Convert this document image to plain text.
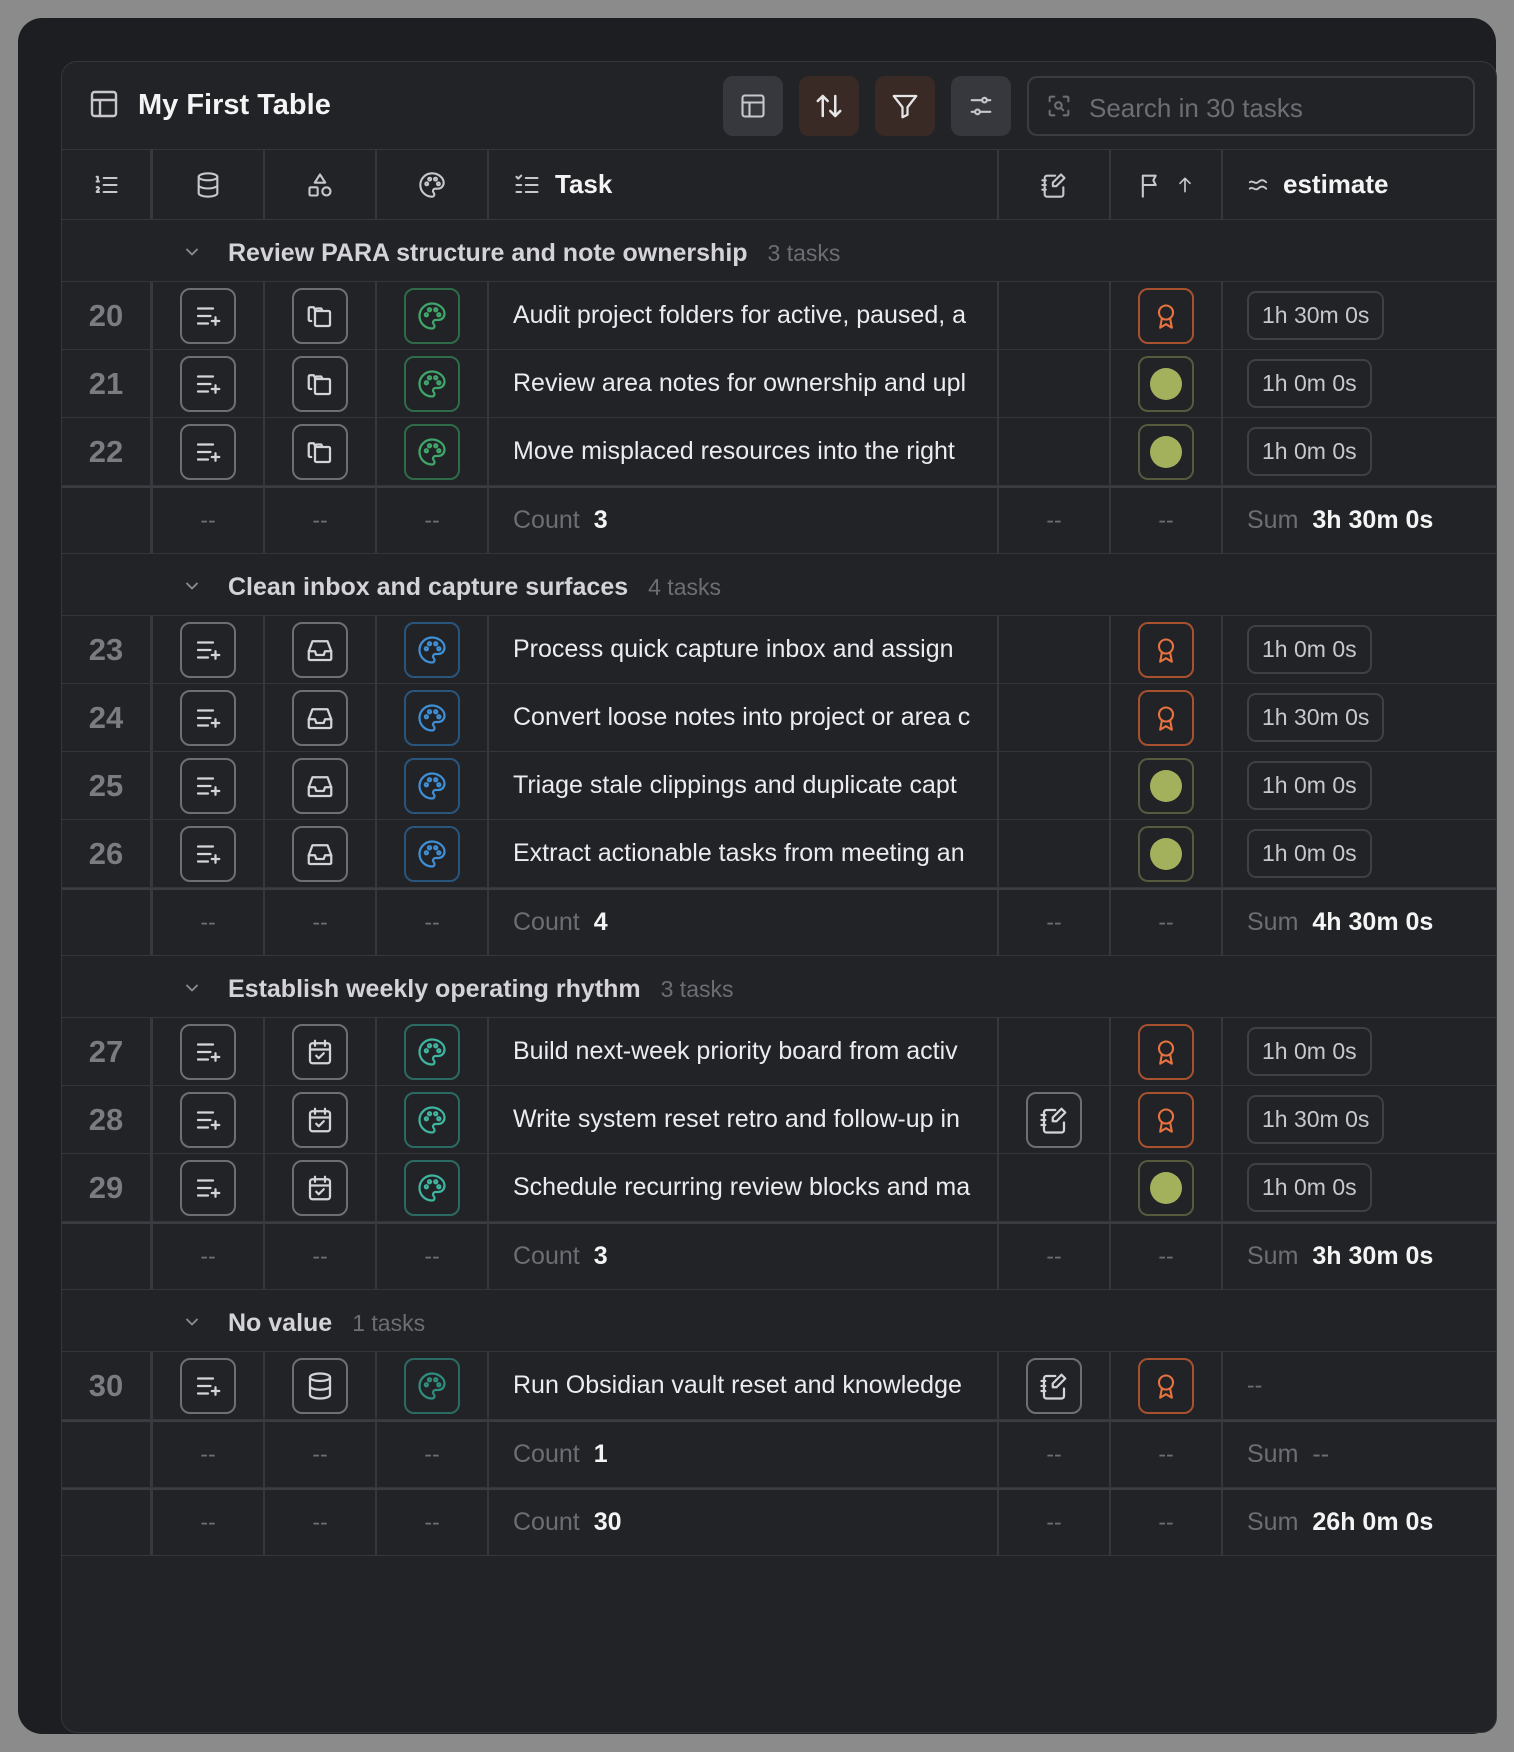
My First Table	Search in 30 tasks
Task	estimate
Review PARA structure and note ownership 3 tasks
20	Audit project folders for active, paused, a	1h 30m 0s
21	Review area notes for ownership and upl	1h 0m 0s
22	Move misplaced resources into the right	1h 0m 0s
--	--	--	Count 3	--	--	Sum 3h 30m 0s
Clean inbox and capture surfaces 4 tasks
23	Process quick capture inbox and assign	1h 0m 0s
24	Convert loose notes into project or area c	1h 30m 0s
25	Triage stale clippings and duplicate capt	1h 0m 0s
26	Extract actionable tasks from meeting an	1h 0m 0s
--	--	--	Count 4	--	--	Sum 4h 30m 0s
Establish weekly operating rhythm 3 tasks
27	Build next-week priority board from activ	1h 0m 0s
28	Write system reset retro and follow-up in	1h 30m 0s
29	Schedule recurring review blocks and ma	1h 0m 0s
--	--	--	Count 3	--	--	Sum 3h 30m 0s
No value 1 tasks
30	Run Obsidian vault reset and knowledge	--
--	--	--	Count 1	--	--	Sum --
--	--	--	Count 30	--	--	Sum 26h 0m 0s
